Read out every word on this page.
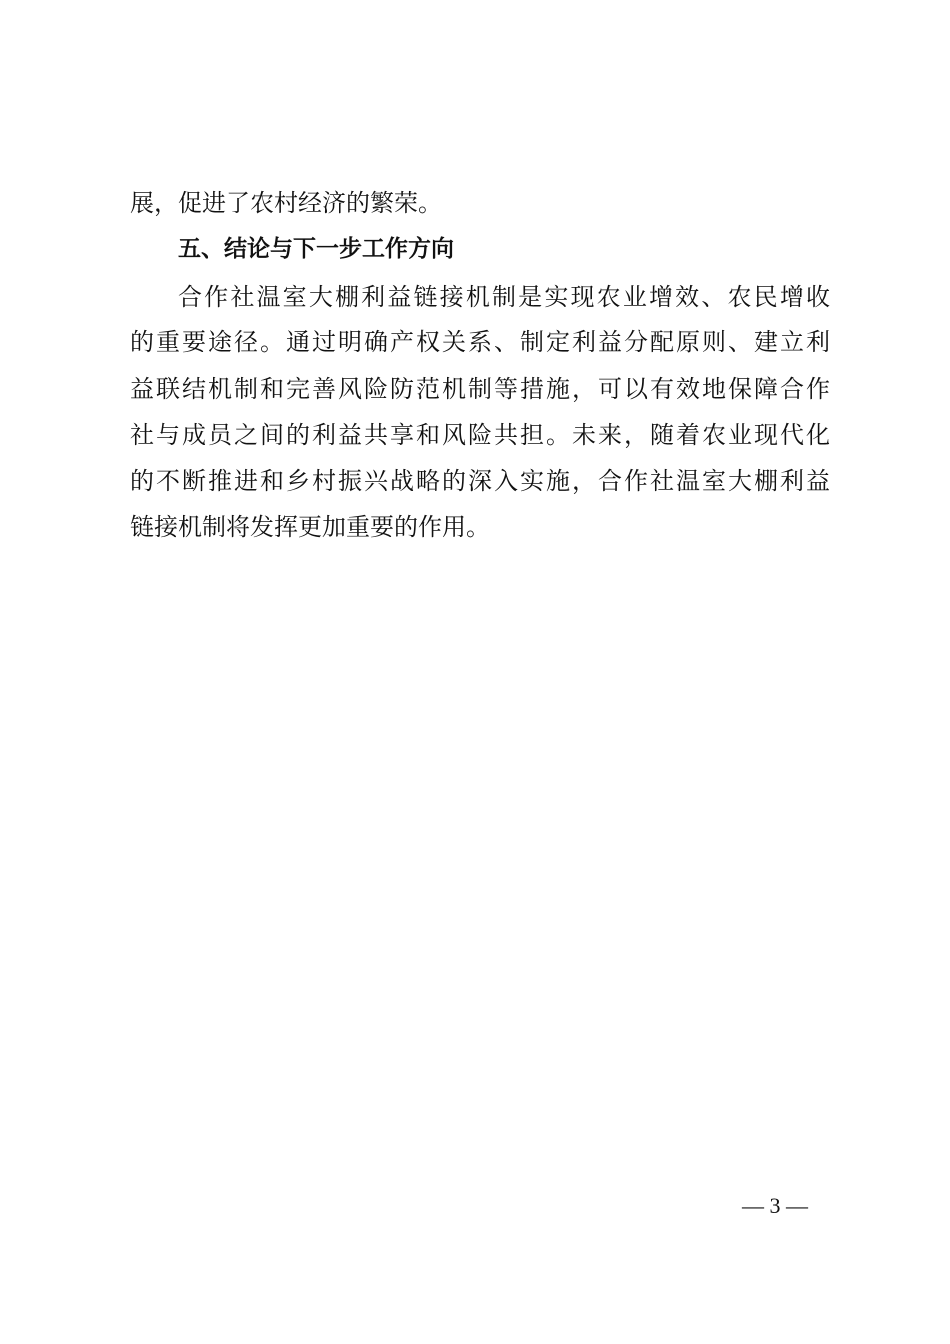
展，促进了农村经济的繁荣。
五、结论与下一步工作方向
合作社温室大棚利益链接机制是实现农业增效、农民增收
的重要途径。通过明确产权关系、制定利益分配原则、建立利
益联结机制和完善风险防范机制等措施，可以有效地保障合作
社与成员之间的利益共享和风险共担。未来，随着农业现代化
的不断推进和乡村振兴战略的深入实施，合作社温室大棚利益
链接机制将发挥更加重要的作用。
— 3 —
